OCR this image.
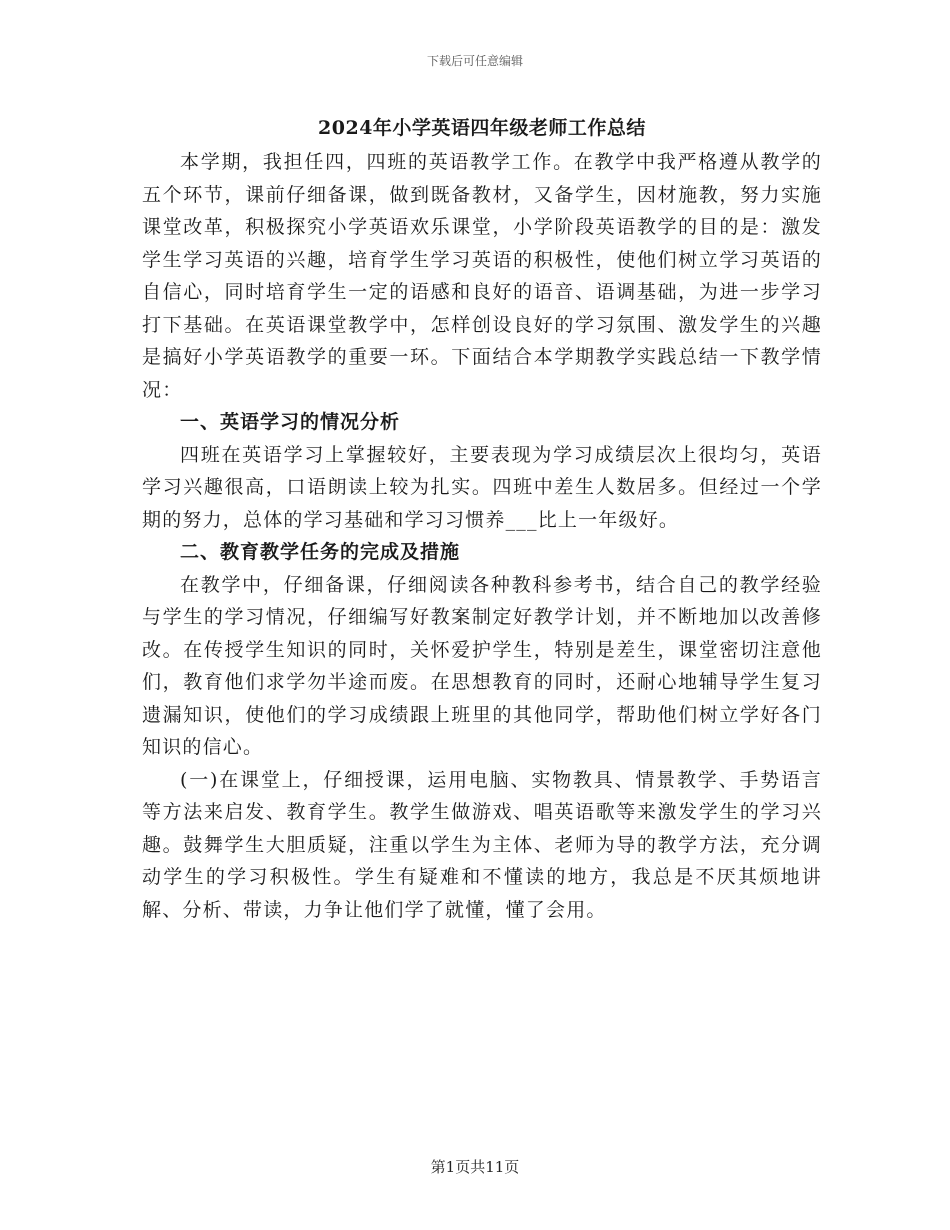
下载后可任意编辑
2024年小学英语四年级老师工作总结

本学期，我担任四，四班的英语教学工作。在教学中我严格遵从教学的五个环节，课前仔细备课，做到既备教材，又备学生，因材施教，努力实施课堂改革，积极探究小学英语欢乐课堂，小学阶段英语教学的目的是：激发学生学习英语的兴趣，培育学生学习英语的积极性，使他们树立学习英语的自信心，同时培育学生一定的语感和良好的语音、语调基础，为进一步学习打下基础。在英语课堂教学中，怎样创设良好的学习氛围、激发学生的兴趣是搞好小学英语教学的重要一环。下面结合本学期教学实践总结一下教学情况：

一、英语学习的情况分析

四班在英语学习上掌握较好，主要表现为学习成绩层次上很均匀，英语学习兴趣很高，口语朗读上较为扎实。四班中差生人数居多。但经过一个学期的努力，总体的学习基础和学习习惯养___比上一年级好。

二、教育教学任务的完成及措施

在教学中，仔细备课，仔细阅读各种教科参考书，结合自己的教学经验与学生的学习情况，仔细编写好教案制定好教学计划，并不断地加以改善修改。在传授学生知识的同时，关怀爱护学生，特别是差生，课堂密切注意他们，教育他们求学勿半途而废。在思想教育的同时，还耐心地辅导学生复习遗漏知识，使他们的学习成绩跟上班里的其他同学，帮助他们树立学好各门知识的信心。

(一)在课堂上，仔细授课，运用电脑、实物教具、情景教学、手势语言等方法来启发、教育学生。教学生做游戏、唱英语歌等来激发学生的学习兴趣。鼓舞学生大胆质疑，注重以学生为主体、老师为导的教学方法，充分调动学生的学习积极性。学生有疑难和不懂读的地方，我总是不厌其烦地讲解、分析、带读，力争让他们学了就懂，懂了会用。

第1页共11页
